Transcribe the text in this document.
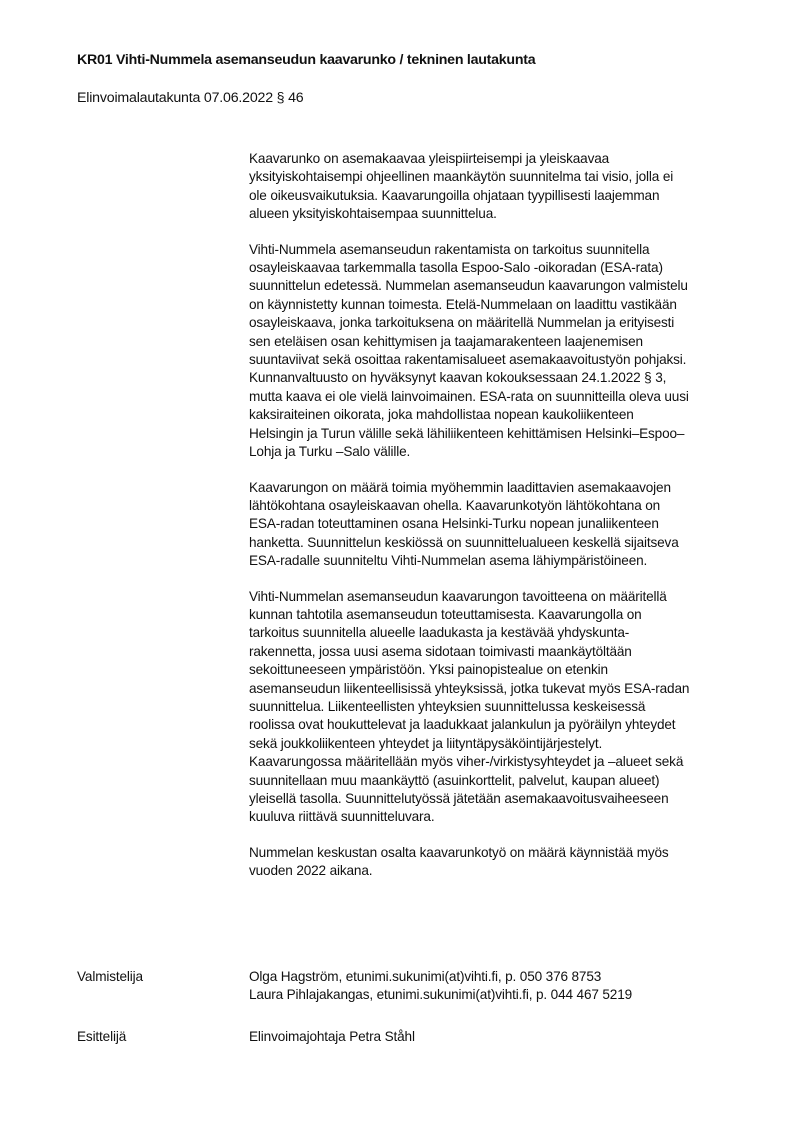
KR01 Vihti-Nummela asemanseudun kaavarunko / tekninen lautakunta
Elinvoimalautakunta 07.06.2022 § 46
Kaavarunko on asemakaavaa yleispiirteisempi ja yleiskaavaa
yksityiskohtaisempi ohjeellinen maankäytön suunnitelma tai visio, jolla ei
ole oikeusvaikutuksia. Kaavarungoilla ohjataan tyypillisesti laajemman
alueen yksityiskohtaisempaa suunnittelua.
Vihti-Nummela asemanseudun rakentamista on tarkoitus suunnitella
osayleiskaavaa tarkemmalla tasolla Espoo-Salo -oikoradan (ESA-rata)
suunnittelun edetessä. Nummelan asemanseudun kaavarungon valmistelu
on käynnistetty kunnan toimesta. Etelä-Nummelaan on laadittu vastikään
osayleiskaava, jonka tarkoituksena on määritellä Nummelan ja erityisesti
sen eteläisen osan kehittymisen ja taajamarakenteen laajenemisen
suuntaviivat sekä osoittaa rakentamisalueet asemakaavoitustyön pohjaksi.
Kunnanvaltuusto on hyväksynyt kaavan kokouksessaan 24.1.2022 § 3,
mutta kaava ei ole vielä lainvoimainen. ESA-rata on suunnitteilla oleva uusi
kaksiraiteinen oikorata, joka mahdollistaa nopean kaukoliikenteen
Helsingin ja Turun välille sekä lähiliikenteen kehittämisen Helsinki–Espoo–
Lohja ja Turku –Salo välille.
Kaavarungon on määrä toimia myöhemmin laadittavien asemakaavojen
lähtökohtana osayleiskaavan ohella. Kaavarunkotyön lähtökohtana on
ESA-radan toteuttaminen osana Helsinki-Turku nopean junaliikenteen
hanketta. Suunnittelun keskiössä on suunnittelualueen keskellä sijaitseva
ESA-radalle suunniteltu Vihti-Nummelan asema lähiympäristöineen.
Vihti-Nummelan asemanseudun kaavarungon tavoitteena on määritellä
kunnan tahtotila asemanseudun toteuttamisesta. Kaavarungolla on
tarkoitus suunnitella alueelle laadukasta ja kestävää yhdyskunta-
rakennetta, jossa uusi asema sidotaan toimivasti maankäytöltään
sekoittuneeseen ympäristöön. Yksi painopistealue on etenkin
asemanseudun liikenteellisissä yhteyksissä, jotka tukevat myös ESA-radan
suunnittelua. Liikenteellisten yhteyksien suunnittelussa keskeisessä
roolissa ovat houkuttelevat ja laadukkaat jalankulun ja pyöräilyn yhteydet
sekä joukkoliikenteen yhteydet ja liityntäpysäköintijärjestelyt.
Kaavarungossa määritellään myös viher-/virkistysyhteydet ja –alueet sekä
suunnitellaan muu maankäyttö (asuinkorttelit, palvelut, kaupan alueet)
yleisellä tasolla. Suunnittelutyössä jätetään asemakaavoitusvaiheeseen
kuuluva riittävä suunnitteluvara.
Nummelan keskustan osalta kaavarunkotyö on määrä käynnistää myös
vuoden 2022 aikana.
Valmistelija	Olga Hagström, etunimi.sukunimi(at)vihti.fi, p. 050 376 8753
Laura Pihlajakangas, etunimi.sukunimi(at)vihti.fi, p. 044 467 5219
Esittelijä	Elinvoimajohtaja Petra Ståhl
